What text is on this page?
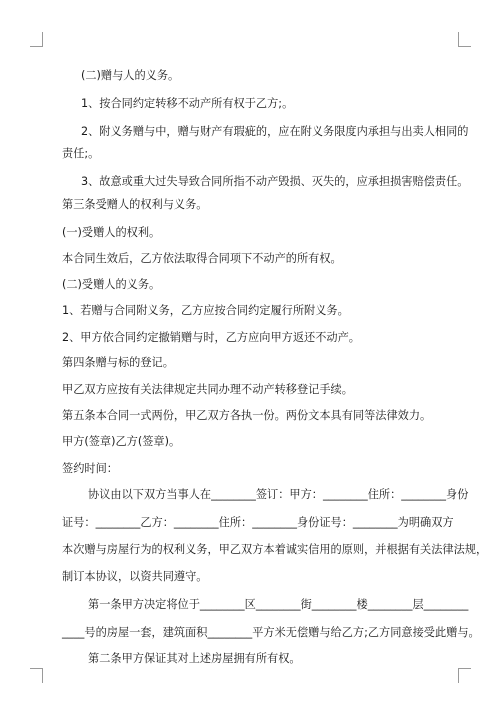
(二)赠与人的义务。
1、按合同约定转移不动产所有权于乙方;。
2、附义务赠与中，赠与财产有瑕疵的，应在附义务限度内承担与出卖人相同的
责任;。
3、故意或重大过失导致合同所指不动产毁损、灭失的，应承担损害赔偿责任。
第三条受赠人的权利与义务。
(一)受赠人的权利。
本合同生效后，乙方依法取得合同项下不动产的所有权。
(二)受赠人的义务。
1、若赠与合同附义务，乙方应按合同约定履行所附义务。
2、甲方依合同约定撤销赠与时，乙方应向甲方返还不动产。
第四条赠与标的登记。
甲乙双方应按有关法律规定共同办理不动产转移登记手续。
第五条本合同一式两份，甲乙双方各执一份。两份文本具有同等法律效力。
甲方(签章)乙方(签章)。
签约时间：
协议由以下双方当事人在________签订：甲方：________住所：________身份
证号：________乙方：________住所：________身份证号：________为明确双方
本次赠与房屋行为的权利义务，甲乙双方本着诚实信用的原则，并根据有关法律法规，
制订本协议，以资共同遵守。
第一条甲方决定将位于________区________街________楼________层________
____号的房屋一套，建筑面积________平方米无偿赠与给乙方;乙方同意接受此赠与。
第二条甲方保证其对上述房屋拥有所有权。
